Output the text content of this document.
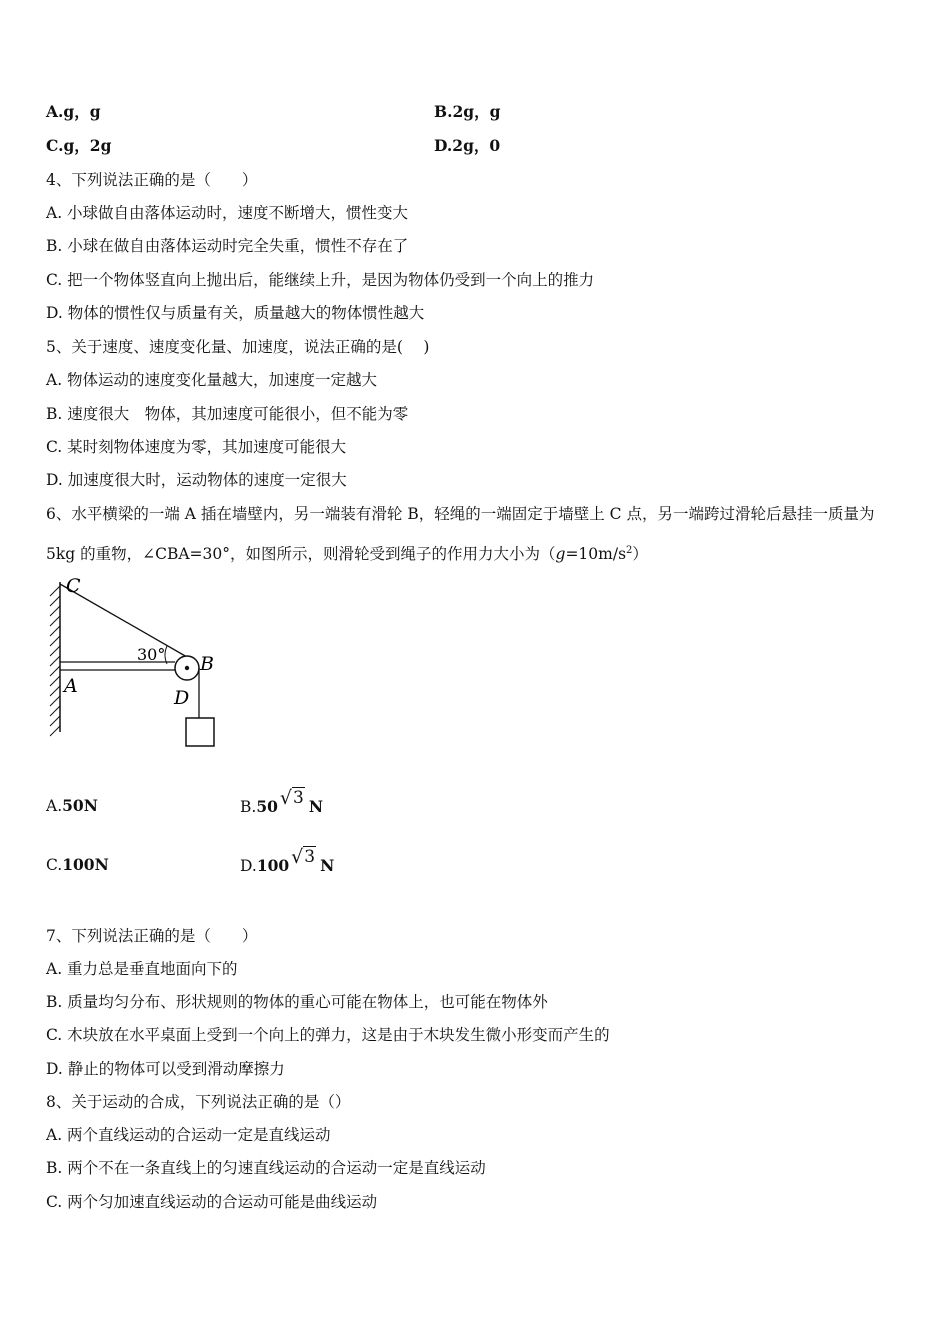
A.g，g	B.2g，g
C.g，2g	D.2g，0
4、下列说法正确的是（　　）
A. 小球做自由落体运动时，速度不断增大，惯性变大
B. 小球在做自由落体运动时完全失重，惯性不存在了
C. 把一个物体竖直向上抛出后，能继续上升，是因为物体仍受到一个向上的推力
D. 物体的惯性仅与质量有关，质量越大的物体惯性越大
5、关于速度、速度变化量、加速度，说法正确的是(　 )
A. 物体运动的速度变化量越大，加速度一定越大
B. 速度很大　物体，其加速度可能很小，但不能为零
C. 某时刻物体速度为零，其加速度可能很大
D. 加速度很大时，运动物体的速度一定很大
6、水平横梁的一端 A 插在墙壁内，另一端装有滑轮 B，轻绳的一端固定于墙壁上 C 点，另一端跨过滑轮后悬挂一质量为
5kg 的重物，∠CBA=30°，如图所示，则滑轮受到绳子的作用力大小为$(g=10m/s^2)$
C
A
B
D
30°
A.50N	B.50 √3 N
C.100N	D.100 √3 N
7、下列说法正确的是（　　）
A. 重力总是垂直地面向下的
B. 质量均匀分布、形状规则的物体的重心可能在物体上，也可能在物体外
C. 木块放在水平桌面上受到一个向上的弹力，这是由于木块发生微小形变而产生的
D. 静止的物体可以受到滑动摩擦力
8、关于运动的合成，下列说法正确的是（）
A. 两个直线运动的合运动一定是直线运动
B. 两个不在一条直线上的匀速直线运动的合运动一定是直线运动
C. 两个匀加速直线运动的合运动可能是曲线运动
